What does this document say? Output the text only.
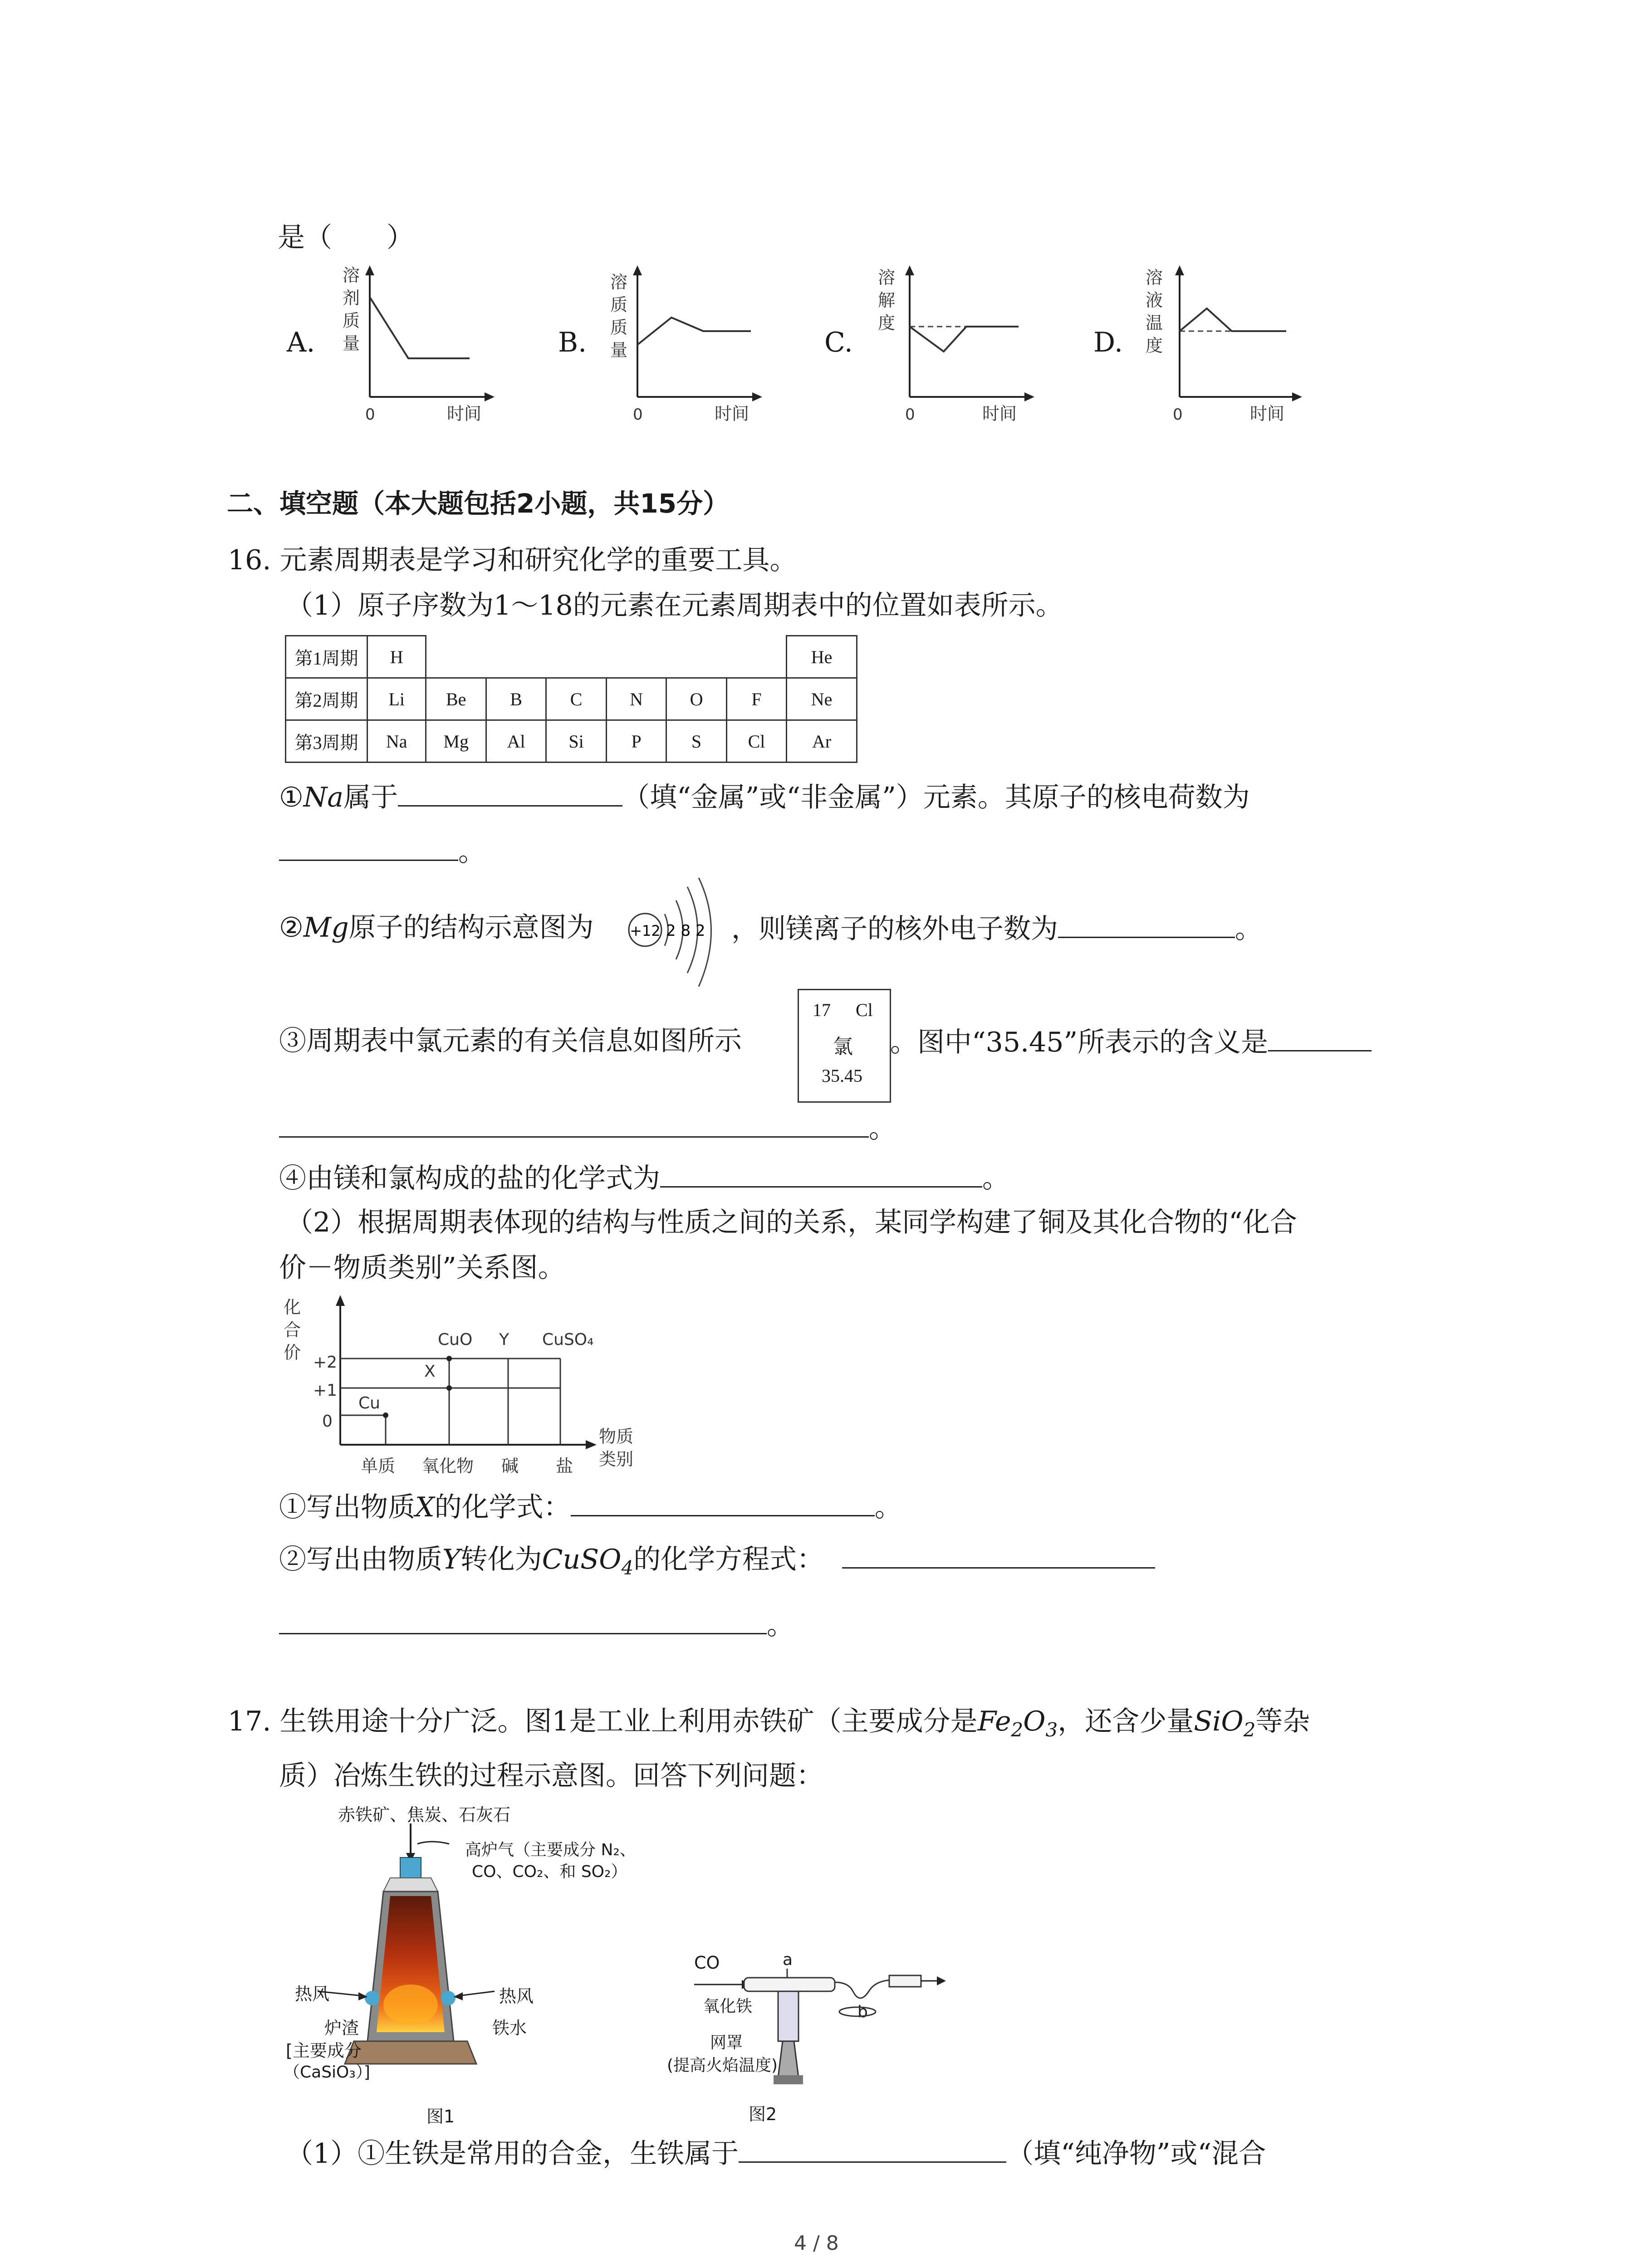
是（　　）
A.
溶
剂
质
量
0	时间
B.
溶
质
质
量
0	时间
C.
溶
解
度
0	时间
D.
溶
液
温
度
0	时间
二、填空题（本大题包括2小题，共15分）
16. 元素周期表是学习和研究化学的重要工具。
（1）原子序数为1～18的元素在元素周期表中的位置如表所示。
第1周期	H							He
第2周期	Li	Be	B	C	N	O	F	Ne
第3周期	Na	Mg	Al	Si	P	S	Cl	Ar
①Na属于	（填“金属”或“非金属”）元素。其原子的核电荷数为
。
②Mg原子的结构示意图为 +12 2 8 2 ，则镁离子的核外电子数为	。
③周期表中氯元素的有关信息如图所示
17 Cl
氯
35.45
。图中“35.45”所表示的含义是
。
④由镁和氯构成的盐的化学式为	。
（2）根据周期表体现的结构与性质之间的关系，某同学构建了铜及其化合物的“化合
价－物质类别”关系图。
化
合
价 +2
+1
0
单质 氧化物 碱 盐
物质
类别
Cu
X
CuO Y CuSO₄
①写出物质X的化学式：	。
②写出由物质Y转化为CuSO$_4$的化学方程式：
。
17. 生铁用途十分广泛。图1是工业上利用赤铁矿（主要成分是$Fe_2O_3$，还含少量SiO$_2$等杂
质）冶炼生铁的过程示意图。回答下列问题：
赤铁矿、焦炭、石灰石
高炉气（主要成分 N₂、
CO、CO₂、和 SO₂）
热风	热风
炉渣
[主要成分
（CaSiO₃）]
铁水
图1
CO	a
b
氧化铁
网罩
(提高火焰温度)
图2
（1）①生铁是常用的合金，生铁属于	（填“纯净物”或“混合
4 / 8
